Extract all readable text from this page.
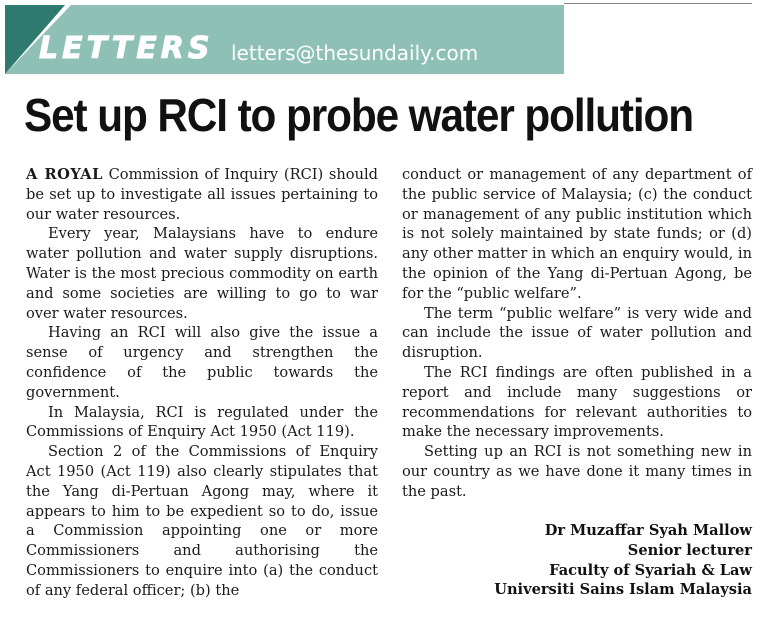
LETTERS letters@thesundaily.com
Set up RCI to probe water pollution

A ROYAL Commission of Inquiry (RCI) should be set up to investigate all issues pertaining to our water resources.

Every year, Malaysians have to endure water pollution and water supply disruptions. Water is the most precious commodity on earth and some societies are willing to go to war over water resources.

Having an RCI will also give the issue a sense of urgency and strengthen the confidence of the public towards the government.

In Malaysia, RCI is regulated under the Commissions of Enquiry Act 1950 (Act 119).

Section 2 of the Commissions of Enquiry Act 1950 (Act 119) also clearly stipulates that the Yang di-Pertuan Agong may, where it appears to him to be expedient so to do, issue a Commission appointing one or more Commissioners and authorising the Commissioners to enquire into (a) the conduct of any federal officer; (b) the

conduct or management of any department of the public service of Malaysia; (c) the conduct or management of any public institution which is not solely maintained by state funds; or (d) any other matter in which an enquiry would, in the opinion of the Yang di-Pertuan Agong, be for the “public welfare”.

The term “public welfare” is very wide and can include the issue of water pollution and disruption.

The RCI findings are often published in a report and include many suggestions or recommendations for relevant authorities to make the necessary improvements.

Setting up an RCI is not something new in our country as we have done it many times in the past.

Dr Muzaffar Syah Mallow
Senior lecturer
Faculty of Syariah & Law
Universiti Sains Islam Malaysia
